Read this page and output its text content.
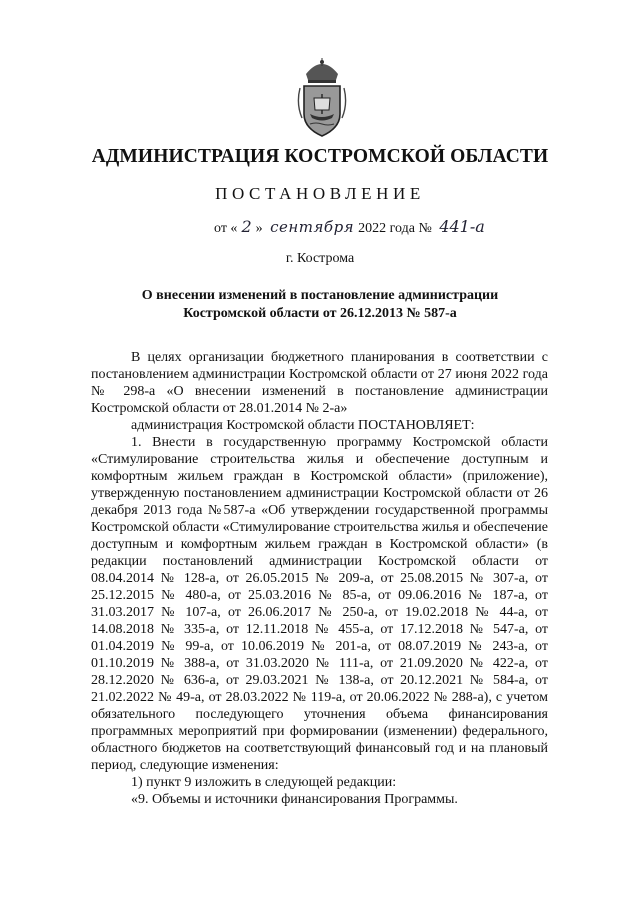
АДМИНИСТРАЦИЯ КОСТРОМСКОЙ ОБЛАСТИ
ПОСТАНОВЛЕНИЕ
от « 2 » сентября 2022 года № 441-а
г. Кострома
О внесении изменений в постановление администрации
Костромской области от 26.12.2013 № 587-а

В целях организации бюджетного планирования в соответствии с постановлением администрации Костромской области от 27 июня 2022 года № 298-а «О внесении изменений в постановление администрации Костромской области от 28.01.2014 № 2-а»

администрация Костромской области ПОСТАНОВЛЯЕТ:

1. Внести в государственную программу Костромской области «Стимулирование строительства жилья и обеспечение доступным и комфортным жильем граждан в Костромской области» (приложение), утвержденную постановлением администрации Костромской области от 26 декабря 2013 года №587-а «Об утверждении государственной программы Костромской области «Стимулирование строительства жилья и обеспечение доступным и комфортным жильем граждан в Костромской области» (в редакции постановлений администрации Костромской области от 08.04.2014 № 128-а, от 26.05.2015 № 209-а, от 25.08.2015 № 307-а, от 25.12.2015 № 480-а, от 25.03.2016 № 85-а, от 09.06.2016 № 187-а, от 31.03.2017 № 107-а, от 26.06.2017 № 250-а, от 19.02.2018 № 44-а, от 14.08.2018 № 335-а, от 12.11.2018 № 455-а, от 17.12.2018 № 547-а, от 01.04.2019 № 99-а, от 10.06.2019 № 201-а, от 08.07.2019 № 243-а, от 01.10.2019 № 388-а, от 31.03.2020 № 111-а, от 21.09.2020 № 422-а, от 28.12.2020 № 636-а, от 29.03.2021 № 138-а, от 20.12.2021 № 584-а, от 21.02.2022 № 49-а, от 28.03.2022 № 119-а, от 20.06.2022 № 288-а), с учетом обязательного последующего уточнения объема финансирования программных мероприятий при формировании (изменении) федерального, областного бюджетов на соответствующий финансовый год и на плановый период, следующие изменения:

1) пункт 9 изложить в следующей редакции:

«9. Объемы и источники финансирования Программы.
